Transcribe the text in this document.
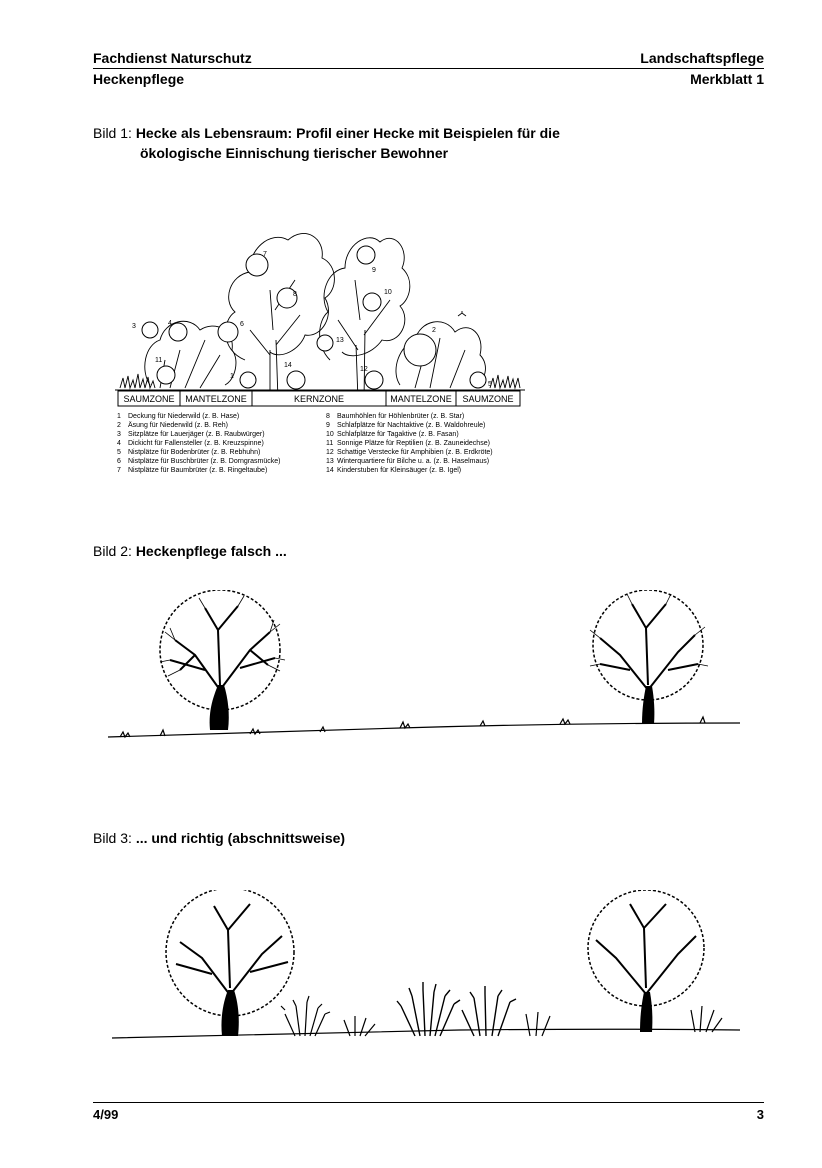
Fachdienst Naturschutz	Landschaftspflege
Heckenpflege	Merkblatt 1
Bild 1: Hecke als Lebensraum: Profil einer Hecke mit Beispielen für die
ökologische Einnischung tierischer Bewohner
7
8
9
10
3	4	6
13
2
11
1
14
12
5
SAUMZONE MANTELZONE	KERNZONE	MANTELZONE SAUMZONE
1	Deckung für Niederwild (z. B. Hase)
2	Äsung für Niederwild (z. B. Reh)
3	Sitzplätze für Lauerjäger (z. B. Raubwürger)
4	Dickicht für Fallensteller (z. B. Kreuzspinne)
5	Nistplätze für Bodenbrüter (z. B. Rebhuhn)
6	Nistplätze für Buschbrüter (z. B. Dorngrasmücke)
7	Nistplätze für Baumbrüter (z. B. Ringeltaube)
8	Baumhöhlen für Höhlenbrüter (z. B. Star)
9	Schlafplätze für Nachtaktive (z. B. Waldohreule)
10 Schlafplätze für Tagaktive (z. B. Fasan)
11 Sonnige Plätze für Reptilien (z. B. Zauneidechse)
12 Schattige Verstecke für Amphibien (z. B. Erdkröte)
13 Winterquartiere für Bilche u. a. (z. B. Haselmaus)
14 Kinderstuben für Kleinsäuger (z. B. Igel)
Bild 2: Heckenpflege falsch ...
Bild 3: ... und richtig (abschnittsweise)
4/99	3
